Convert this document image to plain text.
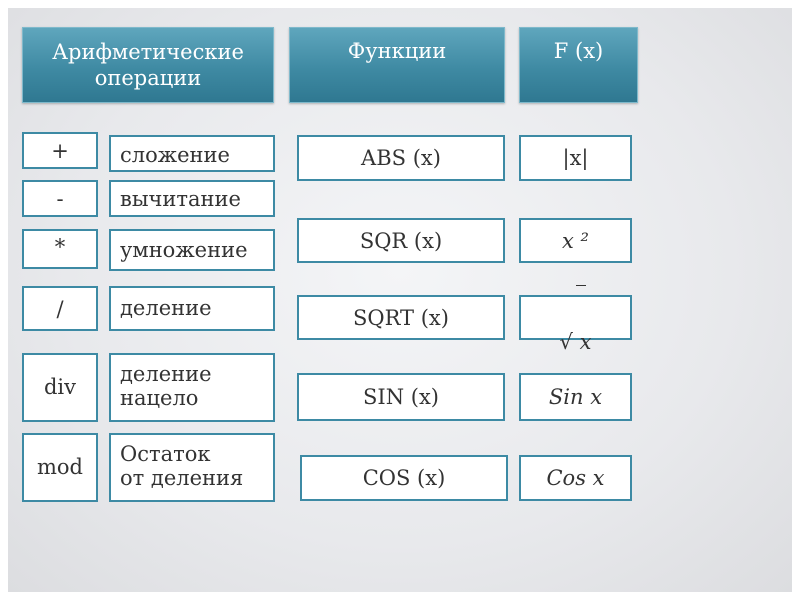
Арифметические
операции
Функции	F (x)
+
-
*
/
div
mod
сложение
вычитание
умножение
деление
деление
нацело
Остаток
от деления
ABS (x)
SQR (x)
SQRT (x)
SIN (x)
COS (x)
|x|
x ²

√ x

Sin x
Cos x
